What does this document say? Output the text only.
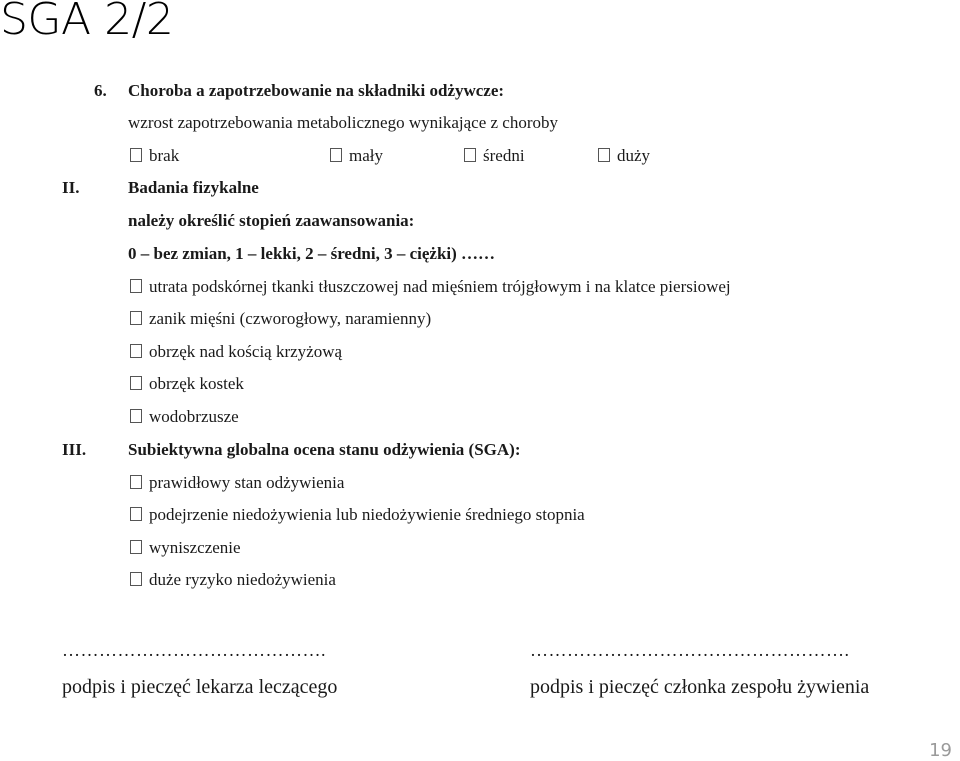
SGA 2/2
6. Choroba a zapotrzebowanie na składniki odżywcze:
wzrost zapotrzebowania metabolicznego wynikające z choroby
brak	mały	średni	duży
II.	Badania fizykalne
należy określić stopień zaawansowania:
0 – bez zmian, 1 – lekki, 2 – średni, 3 – ciężki) ……
utrata podskórnej tkanki tłuszczowej nad mięśniem trójgłowym i na klatce piersiowej
zanik mięśni (czworogłowy, naramienny)
obrzęk nad kością krzyżową
obrzęk kostek
wodobrzusze
III. Subiektywna globalna ocena stanu odżywienia (SGA):
prawidłowy stan odżywienia
podejrzenie niedożywienia lub niedożywienie średniego stopnia
wyniszczenie
duże ryzyko niedożywienia
…………………………………….
podpis i pieczęć lekarza leczącego
…………………………………………….
podpis i pieczęć członka zespołu żywienia
19
